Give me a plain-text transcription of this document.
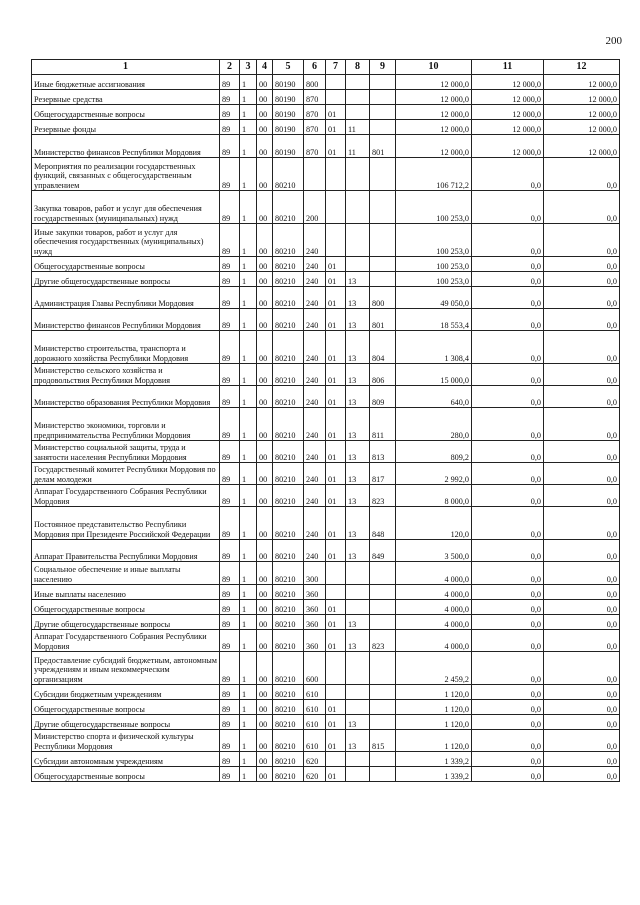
200
1	2	3	4	5	6	7	8	9	10	11	12
Иные бюджетные ассигнования	89	1	00	80190	800				12 000,0	12 000,0	12 000,0
Резервные средства	89	1	00	80190	870				12 000,0	12 000,0	12 000,0
Общегосударственные вопросы	89	1	00	80190	870	01			12 000,0	12 000,0	12 000,0
Резервные фонды	89	1	00	80190	870	01	11		12 000,0	12 000,0	12 000,0
Министерство финансов Республики Мордовия	89	1	00	80190	870	01	11	801	12 000,0	12 000,0	12 000,0
Мероприятия по реализации государственных функций, связанных с общегосударственным управлением	89	1	00	80210					106 712,2	0,0	0,0
Закупка товаров, работ и услуг для обеспечения государственных (муниципальных) нужд	89	1	00	80210	200				100 253,0	0,0	0,0
Иные закупки товаров, работ и услуг для обеспечения государственных (муниципальных) нужд	89	1	00	80210	240				100 253,0	0,0	0,0
Общегосударственные вопросы	89	1	00	80210	240	01			100 253,0	0,0	0,0
Другие общегосударственные вопросы	89	1	00	80210	240	01	13		100 253,0	0,0	0,0
Администрация Главы Республики Мордовия	89	1	00	80210	240	01	13	800	49 050,0	0,0	0,0
Министерство финансов Республики Мордовия	89	1	00	80210	240	01	13	801	18 553,4	0,0	0,0
Министерство строительства, транспорта и дорожного хозяйства Республики Мордовия	89	1	00	80210	240	01	13	804	1 308,4	0,0	0,0
Министерство сельского хозяйства и продовольствия Республики Мордовия	89	1	00	80210	240	01	13	806	15 000,0	0,0	0,0
Министерство образования Республики Мордовия	89	1	00	80210	240	01	13	809	640,0	0,0	0,0
Министерство экономики, торговли и предпринимательства Республики Мордовия	89	1	00	80210	240	01	13	811	280,0	0,0	0,0
Министерство социальной защиты, труда и занятости населения Республики Мордовия	89	1	00	80210	240	01	13	813	809,2	0,0	0,0
Государственный комитет Республики Мордовия по делам молодежи	89	1	00	80210	240	01	13	817	2 992,0	0,0	0,0
Аппарат Государственного Собрания Республики Мордовия	89	1	00	80210	240	01	13	823	8 000,0	0,0	0,0
Постоянное представительство Республики Мордовия при Президенте Российской Федерации	89	1	00	80210	240	01	13	848	120,0	0,0	0,0
Аппарат Правительства Республики Мордовия	89	1	00	80210	240	01	13	849	3 500,0	0,0	0,0
Социальное обеспечение и иные выплаты населению	89	1	00	80210	300				4 000,0	0,0	0,0
Иные выплаты населению	89	1	00	80210	360				4 000,0	0,0	0,0
Общегосударственные вопросы	89	1	00	80210	360	01			4 000,0	0,0	0,0
Другие общегосударственные вопросы	89	1	00	80210	360	01	13		4 000,0	0,0	0,0
Аппарат Государственного Собрания Республики Мордовия	89	1	00	80210	360	01	13	823	4 000,0	0,0	0,0
Предоставление субсидий бюджетным, автономным учреждениям и иным некоммерческим организациям	89	1	00	80210	600				2 459,2	0,0	0,0
Субсидии бюджетным учреждениям	89	1	00	80210	610				1 120,0	0,0	0,0
Общегосударственные вопросы	89	1	00	80210	610	01			1 120,0	0,0	0,0
Другие общегосударственные вопросы	89	1	00	80210	610	01	13		1 120,0	0,0	0,0
Министерство спорта и физической культуры Республики Мордовия	89	1	00	80210	610	01	13	815	1 120,0	0,0	0,0
Субсидии автономным учреждениям	89	1	00	80210	620				1 339,2	0,0	0,0
Общегосударственные вопросы	89	1	00	80210	620	01			1 339,2	0,0	0,0
